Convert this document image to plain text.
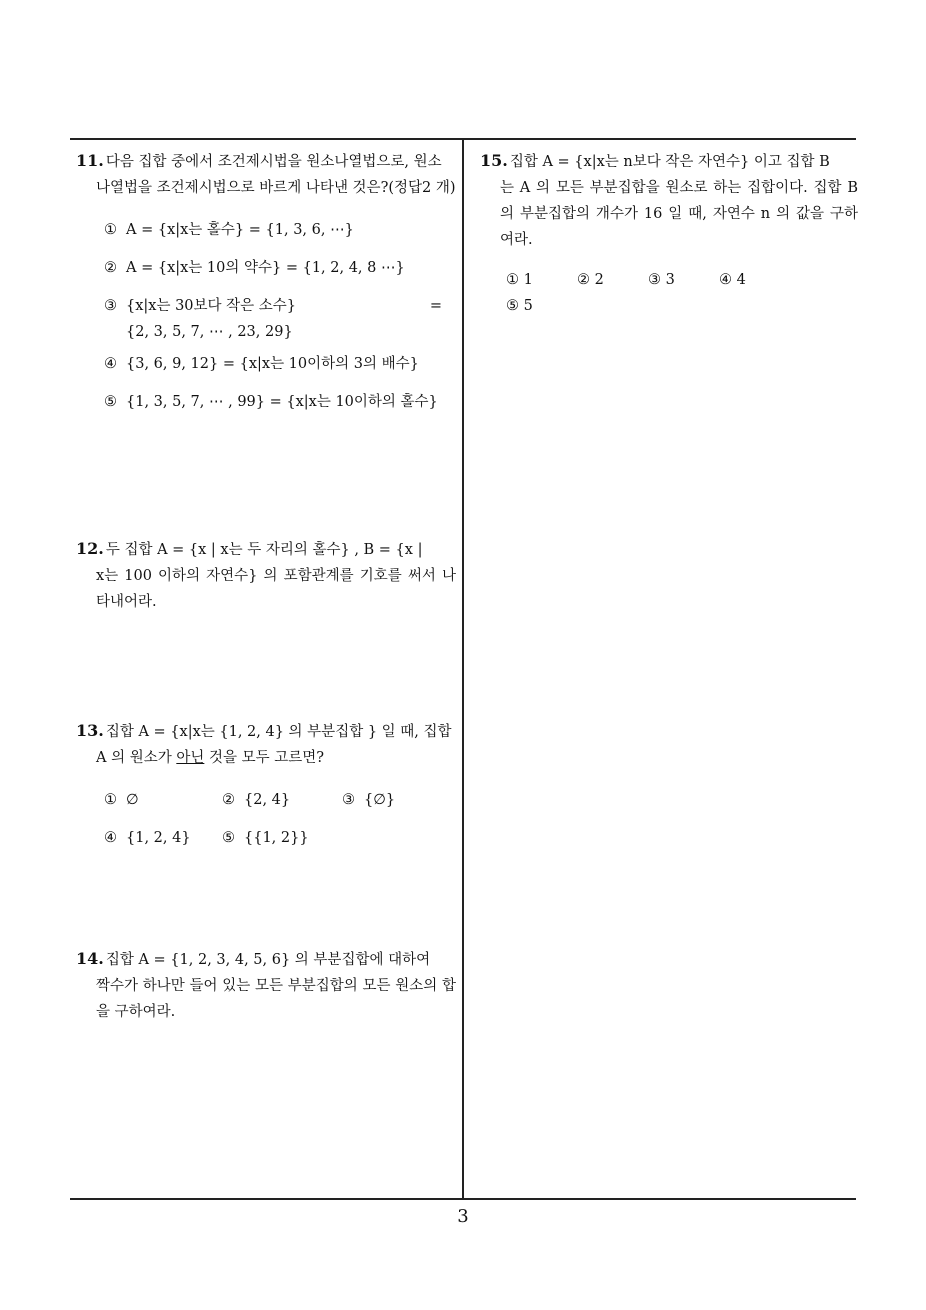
11. 다음 집합 중에서 조건제시법을 원소나열법으로, 원소
나열법을 조건제시법으로 바르게 나타낸 것은?(정답2 개)

① A = {x|x는 홀수} = {1, 3, 6, ⋯}
② A = {x|x는 10의 약수} = {1, 2, 4, 8 ⋯}
③ {x|x는 30보다 작은 소수}	=
{2, 3, 5, 7, ⋯ , 23, 29}
④ {3, 6, 9, 12} = {x|x는 10이하의 3의 배수}
⑤ {1, 3, 5, 7, ⋯ , 99} = {x|x는 10이하의 홀수}

12. 두 집합 A = {x | x는 두 자리의 홀수} , B = {x |
x는 100 이하의 자연수} 의 포함관계를 기호를 써서 나타내어라.

13. 집합 A = {x|x는 {1, 2, 4} 의 부분집합 } 일 때, 집합
A 의 원소가 아닌 것을 모두 고르면?

① ∅	② {2, 4}	③ {∅}
④ {1, 2, 4} ⑤ {{1, 2}}

14. 집합 A = {1, 2, 3, 4, 5, 6} 의 부분집합에 대하여
짝수가 하나만 들어 있는 모든 부분집합의 모든 원소의 합을 구하여라.

15. 집합 A = {x|x는 n보다 작은 자연수} 이고 집합 B
는 A 의 모든 부분집합을 원소로 하는 집합이다. 집합 B 의 부분집합의 개수가 16 일 때, 자연수 n 의 값을 구하여라.

① 1	② 2	③ 3	④ 4⑤ 5
3
